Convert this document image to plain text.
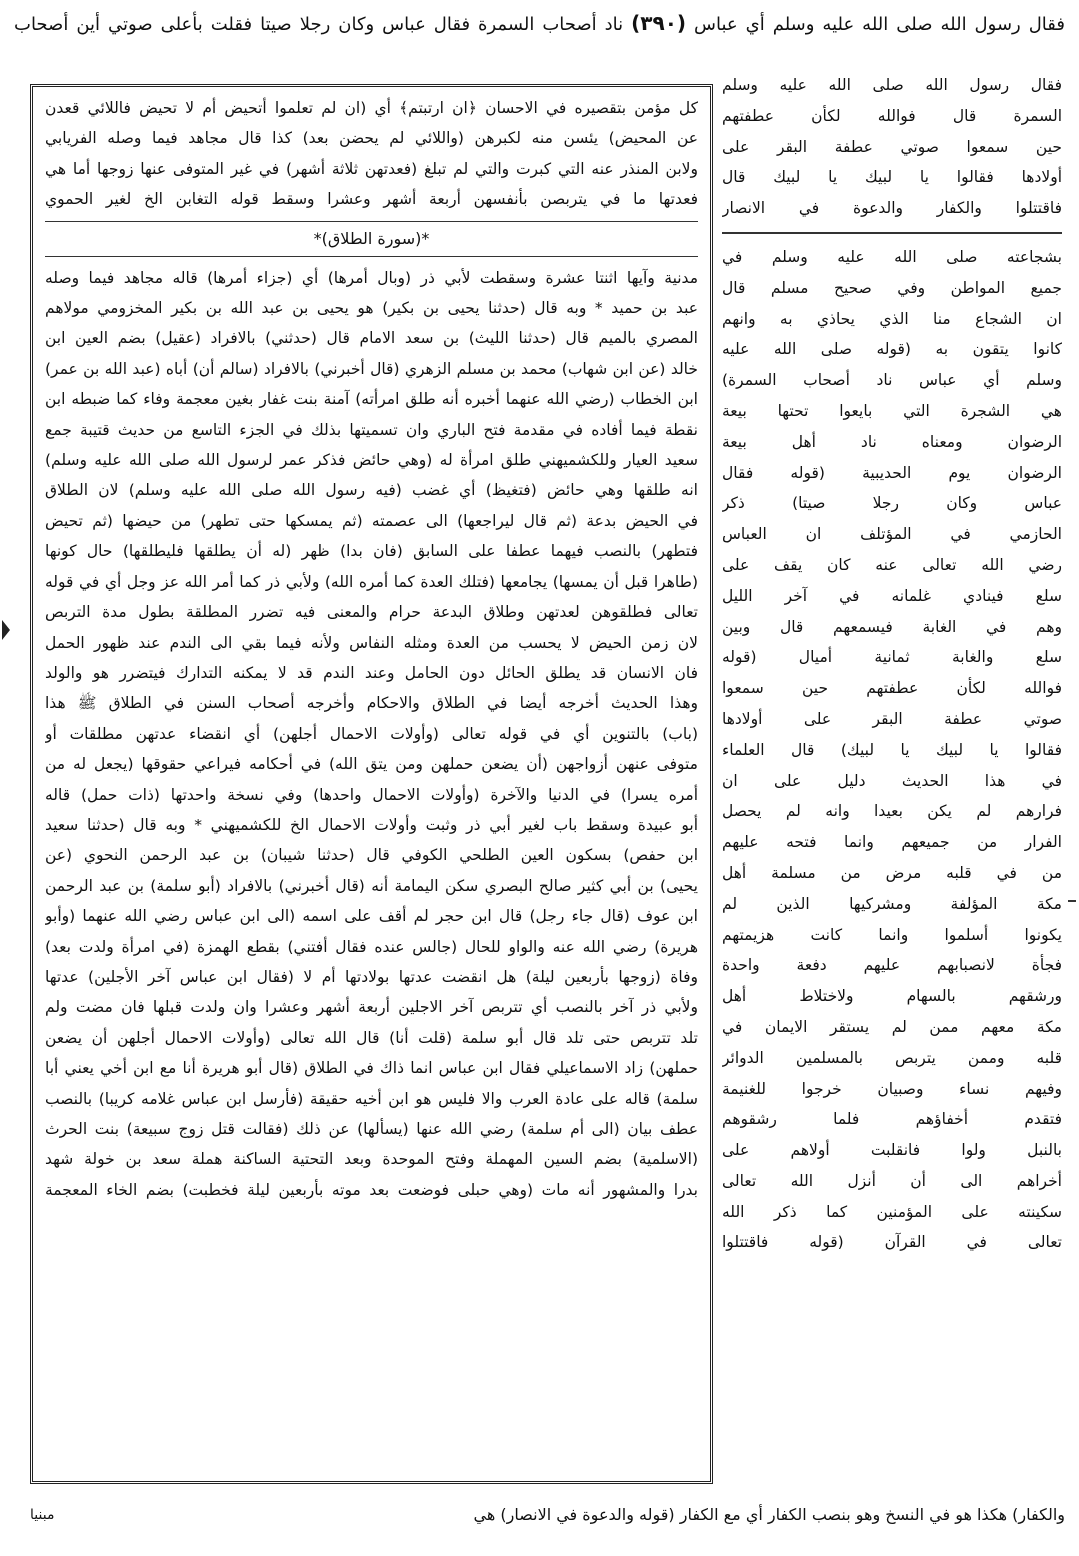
فقال رسول الله صلى الله عليه وسلم أي عباس (٣٩٠) ناد أصحاب السمرة فقال عباس وكان رجلا صيتا فقلت بأعلى صوتي أين أصحاب

فقال رسول الله صلى الله عليه وسلم

السمرة قال فوالله لكأن عطفتهم

حين سمعوا صوتي عطفة البقر على

أولادها فقالوا يا لبيك يا لبيك قال

فاقتتلوا والكفار والدعوة في الانصار

بشجاعته صلى الله عليه وسلم في

جميع المواطن وفي صحيح مسلم قال

ان الشجاع منا الذي يحاذي به وانهم

كانوا يتقون به (قوله صلى الله عليه

وسلم أي عباس ناد أصحاب السمرة)

هي الشجرة التي بايعوا تحتها بيعة

الرضوان ومعناه ناد أهل بيعة

الرضوان يوم الحديبية (قوله فقال

عباس وكان رجلا صيتا) ذكر

الحازمي في المؤتلف ان العباس

رضي الله تعالى عنه كان يقف على

سلع فينادي غلمانه في آخر الليل

وهم في الغابة فيسمعهم قال وبين

سلع والغابة ثمانية أميال (قوله

فوالله لكأن عطفتهم حين سمعوا

صوتي عطفة البقر على أولادها

فقالوا يا لبيك يا لبيك) قال العلماء

في هذا الحديث دليل على ان

فرارهم لم يكن بعيدا وانه لم يحصل

الفرار من جميعهم وانما فتحه عليهم

من في قلبه مرض من مسلمة أهل

مكة المؤلفة ومشركيها الذين لم

يكونوا أسلموا وانما كانت هزيمتهم

فجأة لانصبابهم عليهم دفعة واحدة

ورشقهم بالسهام ولاختلاط أهل

مكة معهم ممن لم يستقر الايمان في

قلبه وممن يتربص بالمسلمين الدوائر

وفيهم نساء وصبيان خرجوا للغنيمة

فتقدم أخفاؤهم فلما رشقوهم

بالنبل ولوا فانقلبت أولاهم على

أخراهم الى أن أنزل الله تعالى

سكينته على المؤمنين كما ذكر الله

تعالى في القرآن (قوله فاقتتلوا

كل مؤمن بتقصيره في الاحسان ﴿ان ارتبتم﴾ أي (ان لم تعلموا أتحيض أم لا تحيض فاللائي قعدن

عن المحيض) يئسن منه لكبرهن (واللائي لم يحضن بعد) كذا قال مجاهد فيما وصله الفريابي

ولابن المنذر عنه التي كبرت والتي لم تبلغ (فعدتهن ثلاثة أشهر) في غير المتوفى عنها زوجها أما هي

فعدتها ما في يتربصن بأنفسهن أربعة أشهر وعشرا وسقط قوله التغابن الخ لغير الحموي

*(سورة الطلاق)*

مدنية وآيها اثنتا عشرة وسقطت لأبي ذر (وبال أمرها) أي (جزاء أمرها) قاله مجاهد فيما وصله

عبد بن حميد * وبه قال (حدثنا يحيى بن بكير) هو يحيى بن عبد الله بن بكير المخزومي مولاهم

المصري بالميم قال (حدثنا الليث) بن سعد الامام قال (حدثني) بالافراد (عقيل) بضم العين ابن

خالد (عن ابن شهاب) محمد بن مسلم الزهري (قال أخبرني) بالافراد (سالم أن) أباه (عبد الله بن عمر)

ابن الخطاب (رضي الله عنهما أخبره أنه طلق امرأته) آمنة بنت غفار بغين معجمة وفاء كما ضبطه ابن

نقطة فيما أفاده في مقدمة فتح الباري وان تسميتها بذلك في الجزء التاسع من حديث قتيبة جمع

سعيد العيار وللكشميهني طلق امرأة له (وهي حائض فذكر عمر لرسول الله صلى الله عليه وسلم)

انه طلقها وهي حائض (فتغيظ) أي غضب (فيه رسول الله صلى الله عليه وسلم) لان الطلاق

في الحيض بدعة (ثم قال ليراجعها) الى عصمته (ثم يمسكها حتى تطهر) من حيضها (ثم تحيض

فتطهر) بالنصب فيهما عطفا على السابق (فان بدا) ظهر (له أن يطلقها فليطلقها) حال كونها

(طاهرا قبل أن يمسها) يجامعها (فتلك العدة كما أمره الله) ولأبي ذر كما أمر الله عز وجل أي في قوله

تعالى فطلقوهن لعدتهن وطلاق البدعة حرام والمعنى فيه تضرر المطلقة بطول مدة التربص

لان زمن الحيض لا يحسب من العدة ومثله النفاس ولأنه فيما بقي الى الندم عند ظهور الحمل

فان الانسان قد يطلق الحائل دون الحامل وعند الندم قد لا يمكنه التدارك فيتضرر هو والولد

وهذا الحديث أخرجه أيضا في الطلاق والاحكام وأخرجه أصحاب السنن في الطلاق ﷺ هذا

(باب) بالتنوين أي في قوله تعالى (وأولات الاحمال أجلهن) أي انقضاء عدتهن مطلقات أو

متوفى عنهن أزواجهن (أن يضعن حملهن ومن يتق الله) في أحكامه فيراعي حقوقها (يجعل له من

أمره يسرا) في الدنيا والآخرة (وأولات الاحمال واحدها) وفي نسخة واحدتها (ذات حمل) قاله

أبو عبيدة وسقط باب لغير أبي ذر وثبت وأولات الاحمال الخ للكشميهني * وبه قال (حدثنا سعيد

ابن حفص) بسكون العين الطلحي الكوفي قال (حدثنا شيبان) بن عبد الرحمن النحوي (عن

يحيى) بن أبي كثير صالح البصري سكن اليمامة أنه (قال أخبرني) بالافراد (أبو سلمة) بن عبد الرحمن

ابن عوف (قال جاء رجل) قال ابن حجر لم أقف على اسمه (الى ابن عباس رضي الله عنهما (وأبو

هريرة) رضي الله عنه والواو للحال (جالس عنده فقال أفتني) بقطع الهمزة (في امرأة ولدت بعد)

وفاة (زوجها بأربعين ليلة) هل انقضت عدتها بولادتها أم لا (فقال ابن عباس آخر الأجلين) عدتها

ولأبي ذر آخر بالنصب أي تتربص آخر الاجلين أربعة أشهر وعشرا وان ولدت قبلها فان مضت ولم

تلد تتربص حتى تلد قال أبو سلمة (قلت أنا) قال الله تعالى (وأولات الاحمال أجلهن أن يضعن

حملهن) زاد الاسماعيلي فقال ابن عباس انما ذاك في الطلاق (قال أبو هريرة أنا مع ابن أخي يعني أبا

سلمة) قاله على عادة العرب والا فليس هو ابن أخيه حقيقة (فأرسل ابن عباس غلامه كريبا) بالنصب

عطف بيان (الى أم سلمة) رضي الله عنها (يسألها) عن ذلك (فقالت قتل زوج سبيعة) بنت الحرث

(الاسلمية) بضم السين المهملة وفتح الموحدة وبعد التحتية الساكنة هملة سعد بن خولة شهد

بدرا والمشهور أنه مات (وهي حبلى فوضعت بعد موته بأربعين ليلة فخطبت) بضم الخاء المعجمة

والكفار) هكذا هو في النسخ وهو بنصب الكفار أي مع الكفار (قوله والدعوة في الانصار) هي
مبنيا
